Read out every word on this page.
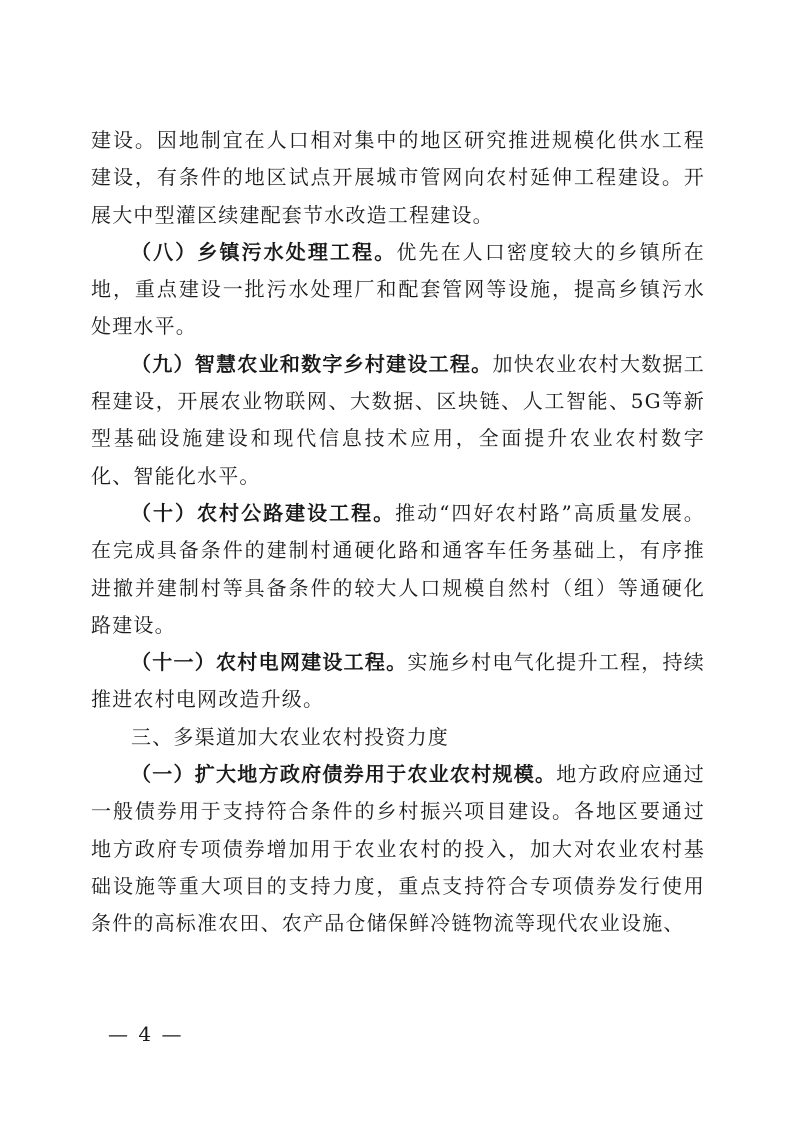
建设。因地制宜在人口相对集中的地区研究推进规模化供水工程建设，有条件的地区试点开展城市管网向农村延伸工程建设。开展大中型灌区续建配套节水改造工程建设。

（八）乡镇污水处理工程。优先在人口密度较大的乡镇所在地，重点建设一批污水处理厂和配套管网等设施，提高乡镇污水处理水平。

（九）智慧农业和数字乡村建设工程。加快农业农村大数据工程建设，开展农业物联网、大数据、区块链、人工智能、5G等新型基础设施建设和现代信息技术应用，全面提升农业农村数字化、智能化水平。

（十）农村公路建设工程。推动“四好农村路”高质量发展。在完成具备条件的建制村通硬化路和通客车任务基础上，有序推进撤并建制村等具备条件的较大人口规模自然村（组）等通硬化路建设。

（十一）农村电网建设工程。实施乡村电气化提升工程，持续推进农村电网改造升级。

三、多渠道加大农业农村投资力度

（一）扩大地方政府债券用于农业农村规模。地方政府应通过一般债券用于支持符合条件的乡村振兴项目建设。各地区要通过地方政府专项债券增加用于农业农村的投入，加大对农业农村基础设施等重大项目的支持力度，重点支持符合专项债券发行使用条件的高标准农田、农产品仓储保鲜冷链物流等现代农业设施、

— 4 —
